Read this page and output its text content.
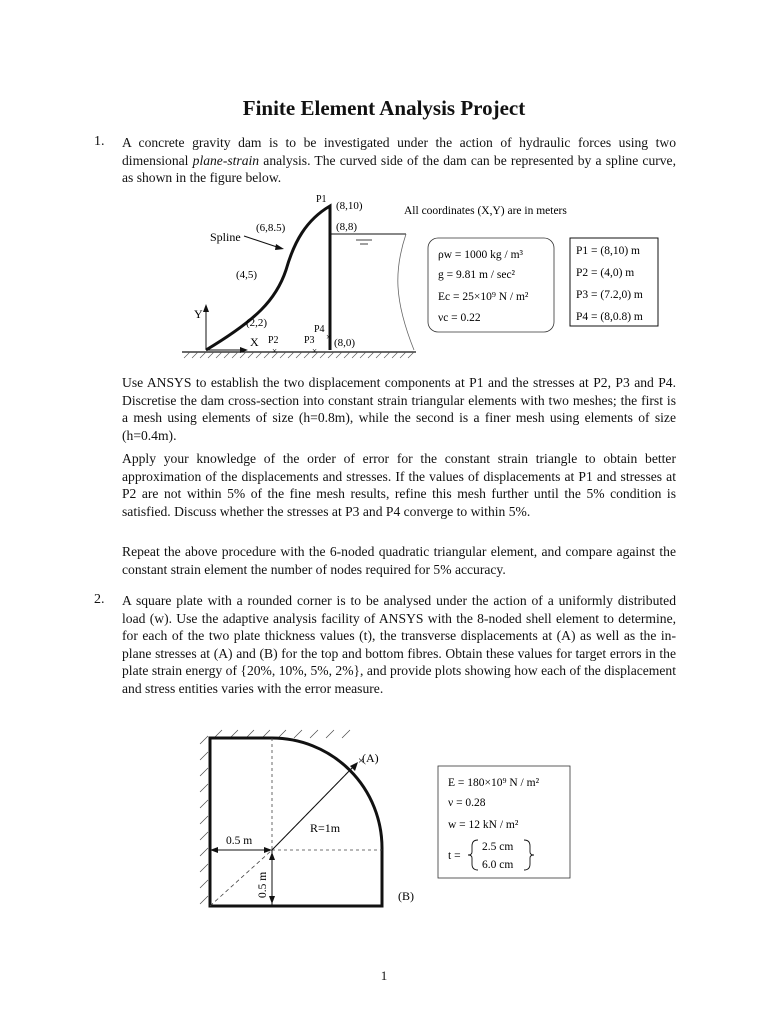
Finite Element Analysis Project
1. A concrete gravity dam is to be investigated under the action of hydraulic forces using two dimensional plane-strain analysis. The curved side of the dam can be represented by a spline curve, as shown in the figure below.
Y
X
Spline
(8,10)
(8,8)
(6,8.5)
(4,5)
(2,2)
(8,0)
P1
P2	P3
P4
×	×
×
All coordinates (X,Y) are in meters
ρw = 1000 kg / m³
g = 9.81 m / sec²
Ec = 25×10⁹ N / m²
νc = 0.22
P1 = (8,10) m
P2 = (4,0) m
P3 = (7.2,0) m
P4 = (8,0.8) m
Use ANSYS to establish the two displacement components at P1 and the stresses at P2, P3 and P4. Discretise the dam cross-section into constant strain triangular elements with two meshes; the first is a mesh using elements of size (h=0.8m), while the second is a finer mesh using elements of size (h=0.4m).
Apply your knowledge of the order of error for the constant strain triangle to obtain better approximation of the displacements and stresses. If the values of displacements at P1 and stresses at P2 are not within 5% of the fine mesh results, refine this mesh further until the 5% condition is satisfied. Discuss whether the stresses at P3 and P4 converge to within 5%.
Repeat the above procedure with the 6-noded quadratic triangular element, and compare against the constant strain element the number of nodes required for 5% accuracy.
2. A square plate with a rounded corner is to be analysed under the action of a uniformly distributed load (w). Use the adaptive analysis facility of ANSYS with the 8-noded shell element to determine, for each of the two plate thickness values (t), the transverse displacements at (A) as well as the in-plane stresses at (A) and (B) for the top and bottom fibres. Obtain these values for target errors in the plate strain energy of {20%, 10%, 5%, 2%}, and provide plots showing how each of the displacement and stress entities varies with the error measure.
R=1m
×
(A)
(B)
0.5 m
0.5 m
E = 180×10⁹ N / m²
ν = 0.28
w = 12 kN / m²
t =
2.5 cm
6.0 cm
1
